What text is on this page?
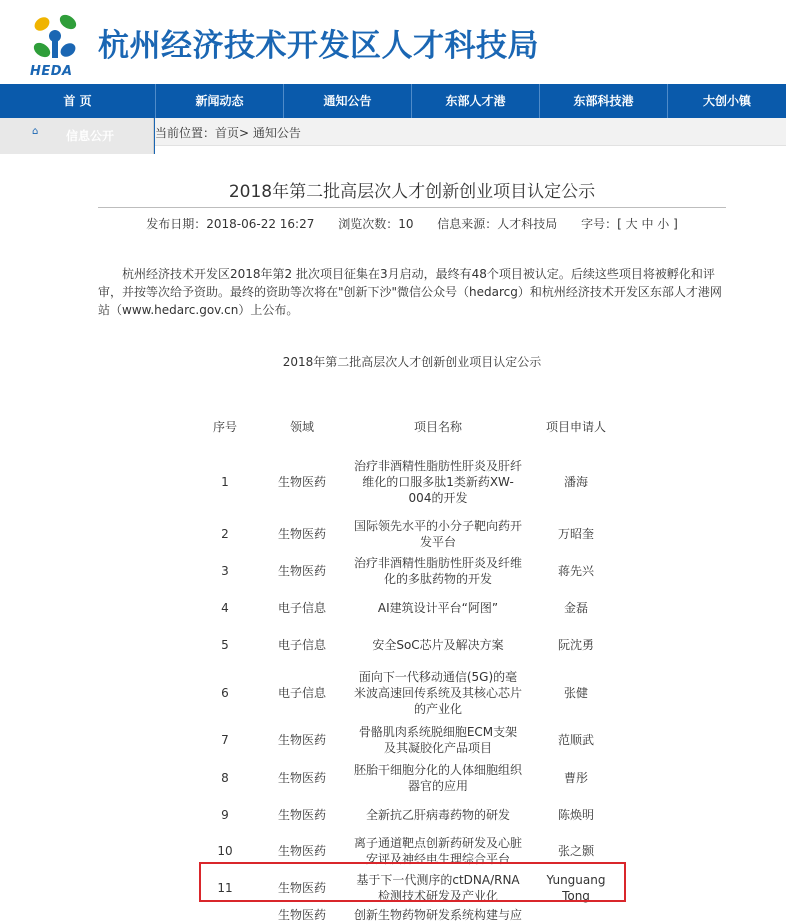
HEDA
杭州经济技术开发区人才科技局
首 页	新闻动态	通知公告	东部人才港	东部科技港	大创小镇
⌂ 信息公开	当前位置：首页> 通知公告
2018年第二批高层次人才创新创业项目认定公示
发布日期：2018-06-22 16:27 浏览次数：10 信息来源：人才科技局 字号：[ 大 中 小 ]
杭州经济技术开发区2018年第2 批次项目征集在3月启动，最终有48个项目被认定。后续这些项目将被孵化和评审，并按等次给予资助。最终的资助等次将在"创新下沙"微信公众号（hedarcg）和杭州经济技术开发区东部人才港网站（www.hedarc.gov.cn）上公布。
2018年第二批高层次人才创新创业项目认定公示
序号	领域	项目名称	项目申请人
1	生物医药	治疗非酒精性脂肪性肝炎及肝纤维化的口服多肽1类新药XW-004的开发	潘海
2	生物医药	国际领先水平的小分子靶向药开发平台	万昭奎
3	生物医药	治疗非酒精性脂肪性肝炎及纤维化的多肽药物的开发	蒋先兴
4	电子信息	AI建筑设计平台“阿图”	金磊
5	电子信息	安全SoC芯片及解决方案	阮沈勇
6	电子信息	面向下一代移动通信(5G)的毫米波高速回传系统及其核心芯片的产业化	张健
7	生物医药	骨骼肌肉系统脱细胞ECM支架及其凝胶化产品项目	范顺武
8	生物医药	胚胎干细胞分化的人体细胞组织器官的应用	曹彤
9	生物医药	全新抗乙肝病毒药物的研发	陈焕明
10	生物医药	离子通道靶点创新药研发及心脏安评及神经电生理综合平台	张之颢
11	生物医药	基于下一代测序的ctDNA/RNA检测技术研发及产业化	Yunguang Tong
	生物医药	创新生物药物研发系统构建与应	
